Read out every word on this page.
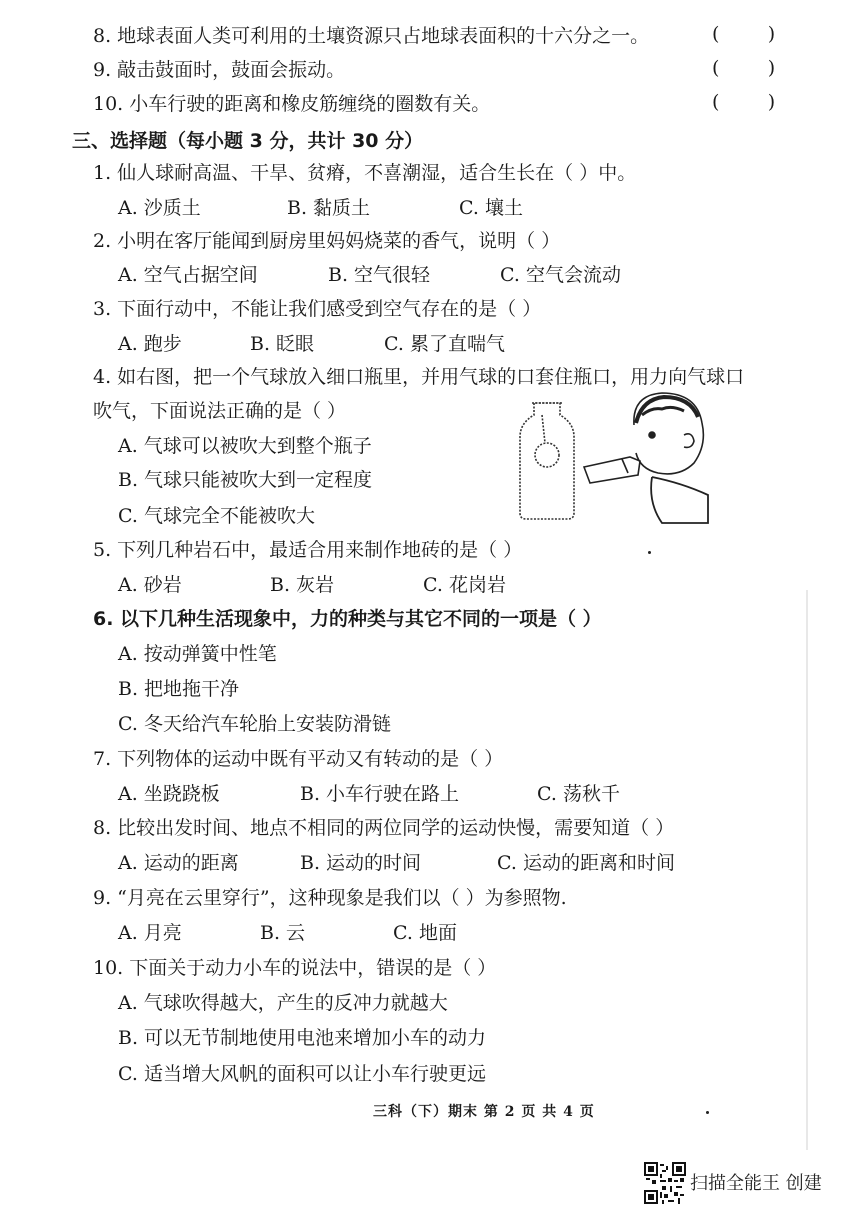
8. 地球表面人类可利用的土壤资源只占地球表面积的十六分之一。	(        )
9. 敲击鼓面时，鼓面会振动。	(        )
10. 小车行驶的距离和橡皮筋缠绕的圈数有关。	(        )
三、选择题（每小题 3 分，共计 30 分）
1. 仙人球耐高温、干旱、贫瘠，不喜潮湿，适合生长在（ ）中。
A. 沙质土	B. 黏质土	C. 壤土
2. 小明在客厅能闻到厨房里妈妈烧菜的香气，说明（ ）
A. 空气占据空间	B. 空气很轻	C. 空气会流动
3. 下面行动中，不能让我们感受到空气存在的是（ ）
A. 跑步	B. 眨眼	C. 累了直喘气
4. 如右图，把一个气球放入细口瓶里，并用气球的口套住瓶口，用力向气球口
吹气，下面说法正确的是（ ）
A. 气球可以被吹大到整个瓶子
B. 气球只能被吹大到一定程度
C. 气球完全不能被吹大
5. 下列几种岩石中，最适合用来制作地砖的是（ ）
A. 砂岩	B. 灰岩	C. 花岗岩
6. 以下几种生活现象中，力的种类与其它不同的一项是（ ）
A. 按动弹簧中性笔
B. 把地拖干净
C. 冬天给汽车轮胎上安装防滑链
7. 下列物体的运动中既有平动又有转动的是（ ）
A. 坐跷跷板	B. 小车行驶在路上	C. 荡秋千
8. 比较出发时间、地点不相同的两位同学的运动快慢，需要知道（ ）
A. 运动的距离	B. 运动的时间	C. 运动的距离和时间
9. “月亮在云里穿行”，这种现象是我们以（ ）为参照物.
A. 月亮	B. 云	C. 地面
10. 下面关于动力小车的说法中，错误的是（ ）
A. 气球吹得越大，产生的反冲力就越大
B. 可以无节制地使用电池来增加小车的动力
C. 适当增大风帆的面积可以让小车行驶更远
三科（下）期末 第 2 页 共 4 页
扫描全能王 创建
